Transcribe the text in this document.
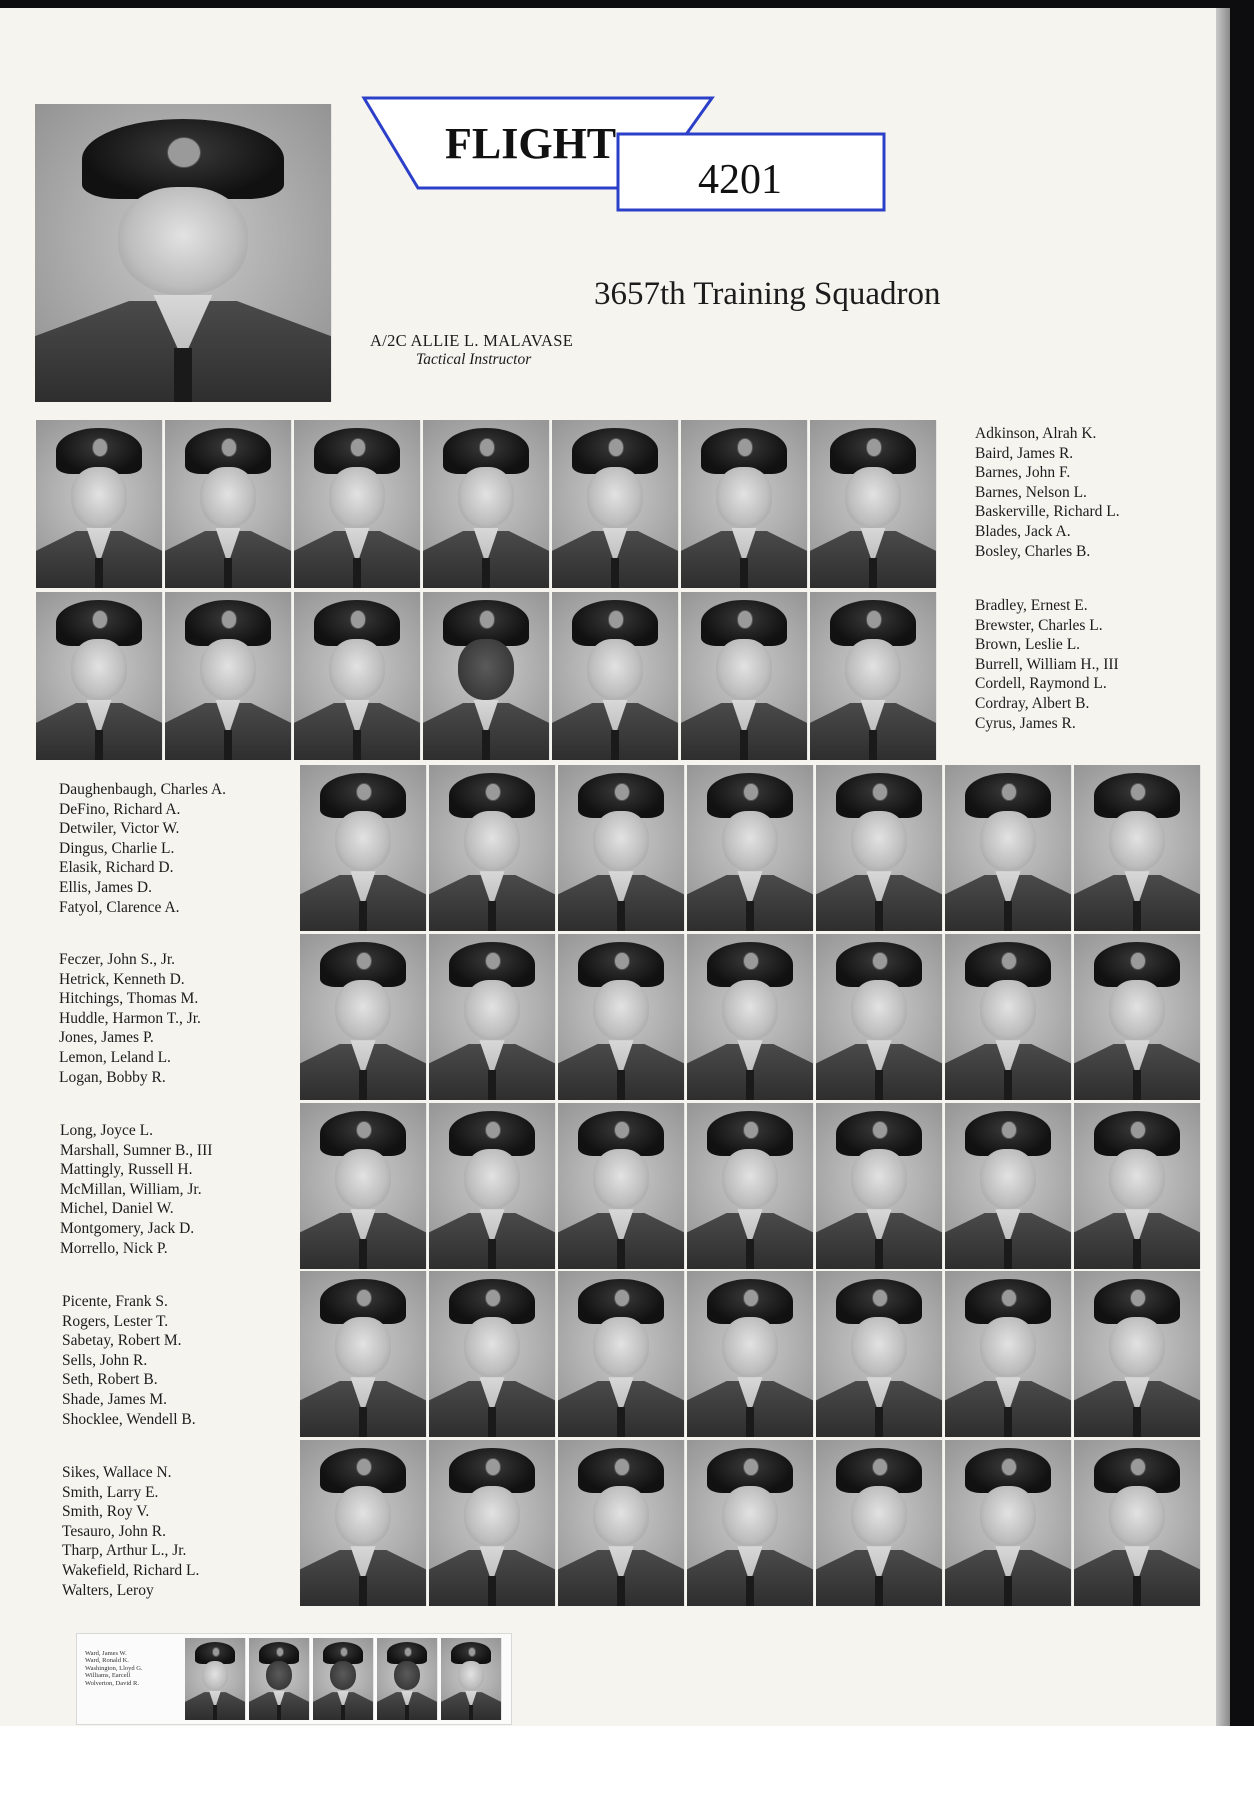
FLIGHT
4201
3657th Training Squadron
A/2C ALLIE L. MALAVASE
Tactical Instructor
Adkinson, Alrah K.
Baird, James R.
Barnes, John F.
Barnes, Nelson L.
Baskerville, Richard L.
Blades, Jack A.
Bosley, Charles B.
Bradley, Ernest E.
Brewster, Charles L.
Brown, Leslie L.
Burrell, William H., III
Cordell, Raymond L.
Cordray, Albert B.
Cyrus, James R.
Daughenbaugh, Charles A.
DeFino, Richard A.
Detwiler, Victor W.
Dingus, Charlie L.
Elasik, Richard D.
Ellis, James D.
Fatyol, Clarence A.
Feczer, John S., Jr.
Hetrick, Kenneth D.
Hitchings, Thomas M.
Huddle, Harmon T., Jr.
Jones, James P.
Lemon, Leland L.
Logan, Bobby R.
Long, Joyce L.
Marshall, Sumner B., III
Mattingly, Russell H.
McMillan, William, Jr.
Michel, Daniel W.
Montgomery, Jack D.
Morrello, Nick P.
Picente, Frank S.
Rogers, Lester T.
Sabetay, Robert M.
Sells, John R.
Seth, Robert B.
Shade, James M.
Shocklee, Wendell B.
Sikes, Wallace N.
Smith, Larry E.
Smith, Roy V.
Tesauro, John R.
Tharp, Arthur L., Jr.
Wakefield, Richard L.
Walters, Leroy
Ward, James W.
Ward, Ronald K.
Washington, Lloyd G.
Williams, Earcell
Wolverton, David R.
